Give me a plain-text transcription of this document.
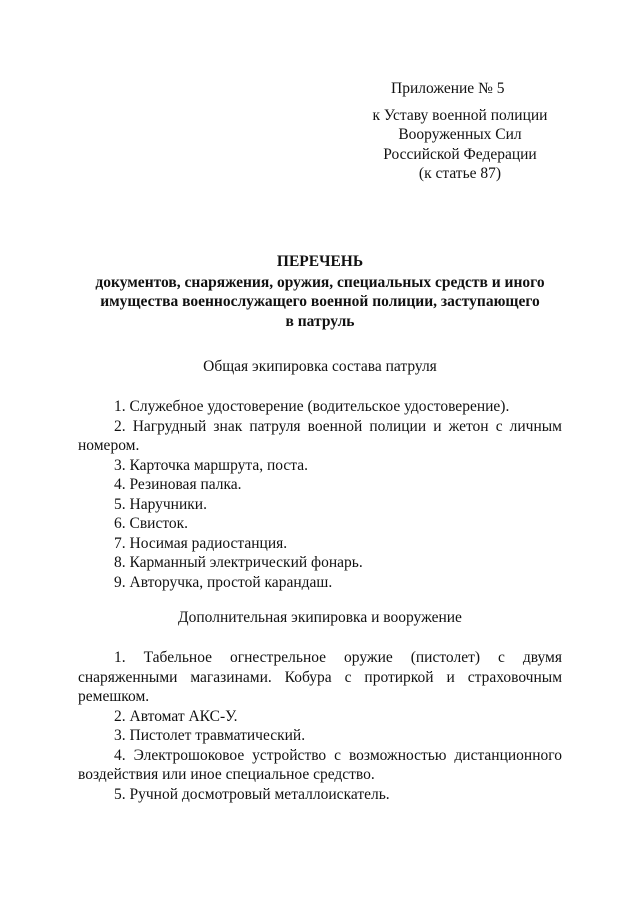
Приложение № 5
к Уставу военной полиции
Вооруженных Сил
Российской Федерации
(к статье 87)
ПЕРЕЧЕНЬ
документов, снаряжения, оружия, специальных средств и иного
имущества военнослужащего военной полиции, заступающего
в патруль
Общая экипировка состава патруля

1. Служебное удостоверение (водительское удостоверение).

2. Нагрудный знак патруля военной полиции и жетон с личным номером.

3. Карточка маршрута, поста.

4. Резиновая палка.

5. Наручники.

6. Свисток.

7. Носимая радиостанция.

8. Карманный электрический фонарь.

9. Авторучка, простой карандаш.

Дополнительная экипировка и вооружение

1. Табельное огнестрельное оружие (пистолет) с двумя снаряженными магазинами. Кобура с протиркой и страховочным ремешком.

2. Автомат АКС-У.

3. Пистолет травматический.

4. Электрошоковое устройство с возможностью дистанционного воздействия или иное специальное средство.

5. Ручной досмотровый металлоискатель.
